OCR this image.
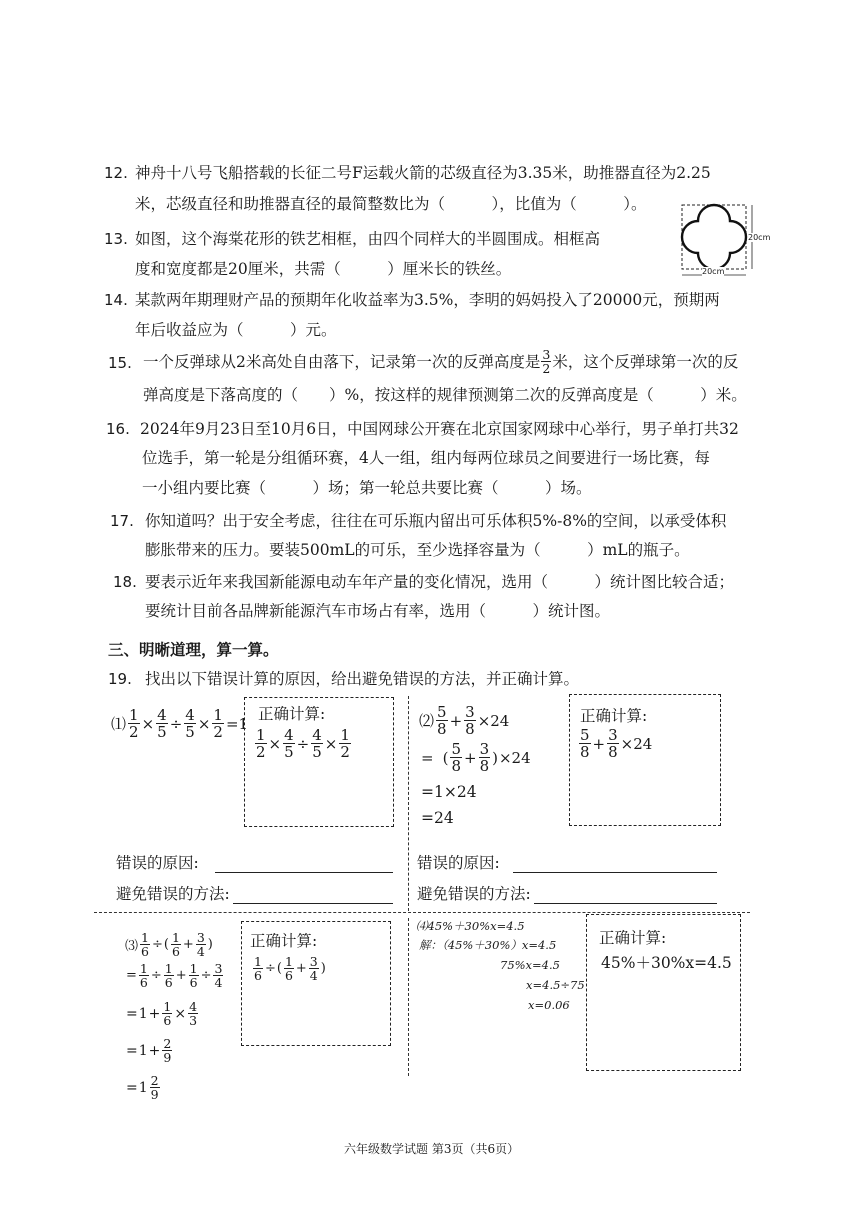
12. 神舟十八号飞船搭载的长征二号F运载火箭的芯级直径为3.35米，助推器直径为2.25
米，芯级直径和助推器直径的最简整数比为（　　　），比值为（　　　）。
13. 如图，这个海棠花形的铁艺相框，由四个同样大的半圆围成。相框高
度和宽度都是20厘米，共需（　　　）厘米长的铁丝。	20cm
20cm
14. 某款两年期理财产品的预期年化收益率为3.5%，李明的妈妈投入了20000元，预期两
年后收益应为（　　　）元。
15. 一个反弹球从2米高处自由落下，记录第一次的反弹高度是 $\frac{3}{2}$ 米，这个反弹球第一次的反
弹高度是下落高度的（　　）%，按这样的规律预测第二次的反弹高度是（　　　）米。
16. 2024年9月23日至10月6日，中国网球公开赛在北京国家网球中心举行，男子单打共32
位选手，第一轮是分组循环赛，4人一组，组内每两位球员之间要进行一场比赛，每
一小组内要比赛（　　　）场；第一轮总共要比赛（　　　）场。
17. 你知道吗？出于安全考虑，往往在可乐瓶内留出可乐体积5%-8%的空间，以承受体积
膨胀带来的压力。要装500mL的可乐，至少选择容量为（　　　）mL的瓶子。
18. 要表示近年来我国新能源电动车年产量的变化情况，选用（　　　）统计图比较合适；
要统计目前各品牌新能源汽车市场占有率，选用（　　　）统计图。
三、明晰道理，算一算。
19. 找出以下错误计算的原因，给出避免错误的方法，并正确计算。
⑴ $\frac{1}{2} \times \frac{4}{5} \div \frac{4}{5} \times \frac{1}{2} =1$
正确计算:
$\frac{1}{2} \times \frac{4}{5} \div \frac{4}{5} \times \frac{1}{2}$
⑵ $\frac{5}{8} + \frac{3}{8} \times 24$
= ( $\frac{5}{8} + \frac{3}{8}$ ) ×24
=1×24
=24
正确计算:
$\frac{5}{8} + \frac{3}{8} \times 24$
错误的原因:
避免错误的方法:
错误的原因:
避免错误的方法:
⑶ $\frac{1}{6}$ ÷ ( $\frac{1}{6} + \frac{3}{4}$ )
= $\frac{1}{6} \div \frac{1}{6} + \frac{1}{6} \div \frac{3}{4}$
= $1 + \frac{1}{6} \times \frac{4}{3}$
= $1 + \frac{2}{9}$
= $1 \frac{2}{9}$
正确计算:
$\frac{1}{6}$ ÷ ( $\frac{1}{6} + \frac{3}{4}$ )
⑷45%＋30%x=4.5
解：（45%＋30%）x=4.5
75%x=4.5
x=4.5÷75
x=0.06
正确计算:
45%＋30%x=4.5
六年级数学试题 第3页（共6页）
